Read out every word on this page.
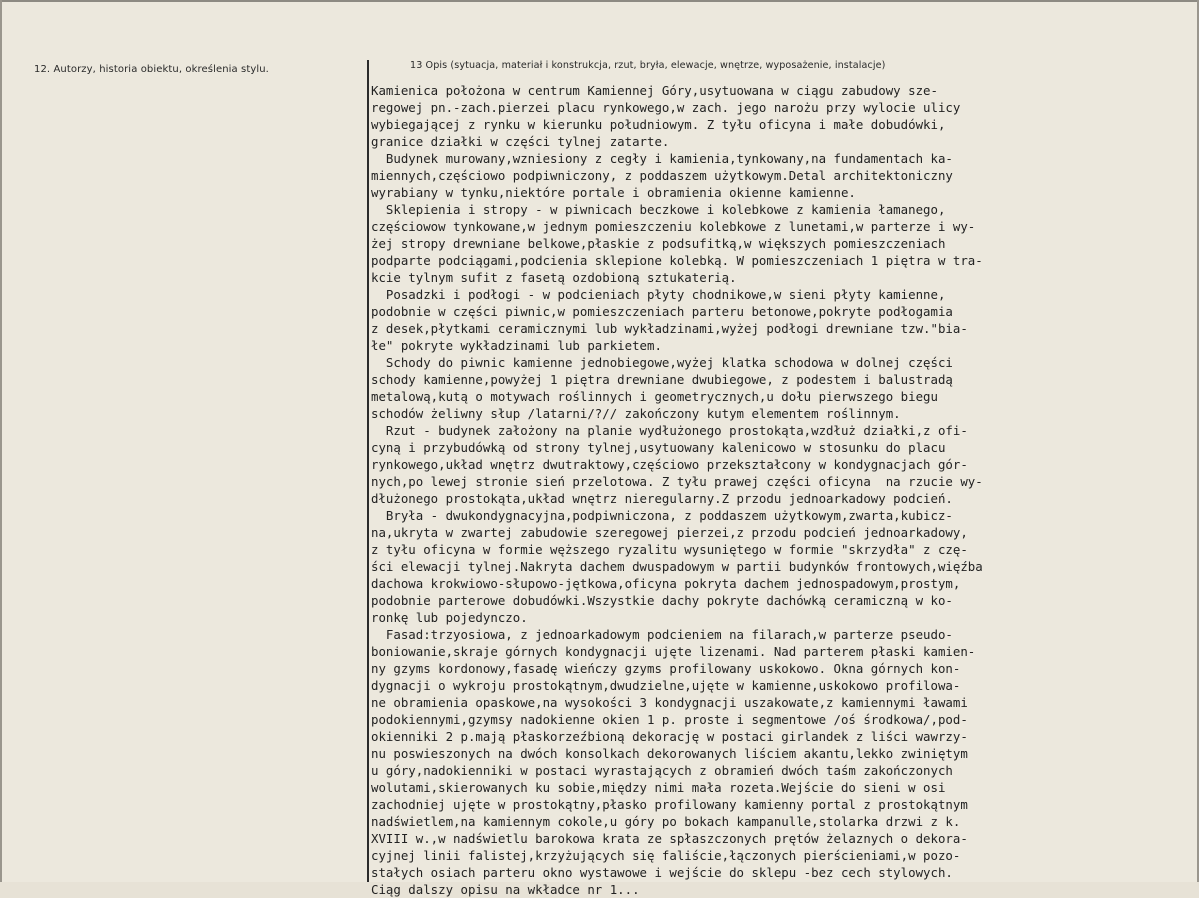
12. Autorzy, historia obiektu, określenia stylu.	13 Opis (sytuacja, materiał i konstrukcja, rzut, bryła, elewacje, wnętrze, wyposażenie, instalacje)
Kamienica położona w centrum Kamiennej Góry,usytuowana w ciągu zabudowy sze-
regowej pn.-zach.pierzei placu rynkowego,w zach. jego narożu przy wylocie ulicy
wybiegającej z rynku w kierunku południowym. Z tyłu oficyna i małe dobudówki,
granice działki w części tylnej zatarte.
Budynek murowany,wzniesiony z cegły i kamienia,tynkowany,na fundamentach ka-
miennych,częściowo podpiwniczony, z poddaszem użytkowym.Detal architektoniczny
wyrabiany w tynku,niektóre portale i obramienia okienne kamienne.
Sklepienia i stropy - w piwnicach beczkowe i kolebkowe z kamienia łamanego,
częściowow tynkowane,w jednym pomieszczeniu kolebkowe z lunetami,w parterze i wy-
żej stropy drewniane belkowe,płaskie z podsufitką,w większych pomieszczeniach
podparte podciągami,podcienia sklepione kolebką. W pomieszczeniach 1 piętra w tra-
kcie tylnym sufit z fasetą ozdobioną sztukaterią.
Posadzki i podłogi - w podcieniach płyty chodnikowe,w sieni płyty kamienne,
podobnie w części piwnic,w pomieszczeniach parteru betonowe,pokryte podłogamia
z desek,płytkami ceramicznymi lub wykładzinami,wyżej podłogi drewniane tzw."bia-
łe" pokryte wykładzinami lub parkietem.
Schody do piwnic kamienne jednobiegowe,wyżej klatka schodowa w dolnej części
schody kamienne,powyżej 1 piętra drewniane dwubiegowe, z podestem i balustradą
metalową,kutą o motywach roślinnych i geometrycznych,u dołu pierwszego biegu
schodów żeliwny słup /latarni/?// zakończony kutym elementem roślinnym.
Rzut - budynek założony na planie wydłużonego prostokąta,wzdłuż działki,z ofi-
cyną i przybudówką od strony tylnej,usytuowany kalenicowo w stosunku do placu
rynkowego,układ wnętrz dwutraktowy,częściowo przekształcony w kondygnacjach gór-
nych,po lewej stronie sień przelotowa. Z tyłu prawej części oficyna  na rzucie wy-
dłużonego prostokąta,układ wnętrz nieregularny.Z przodu jednoarkadowy podcień.
Bryła - dwukondygnacyjna,podpiwniczona, z poddaszem użytkowym,zwarta,kubicz-
na,ukryta w zwartej zabudowie szeregowej pierzei,z przodu podcień jednoarkadowy,
z tyłu oficyna w formie węższego ryzalitu wysuniętego w formie "skrzydła" z czę-
ści elewacji tylnej.Nakryta dachem dwuspadowym w partii budynków frontowych,więźba
dachowa krokwiowo-słupowo-jętkowa,oficyna pokryta dachem jednospadowym,prostym,
podobnie parterowe dobudówki.Wszystkie dachy pokryte dachówką ceramiczną w ko-
ronkę lub pojedynczo.
Fasad:trzyosiowa, z jednoarkadowym podcieniem na filarach,w parterze pseudo-
boniowanie,skraje górnych kondygnacji ujęte lizenami. Nad parterem płaski kamien-
ny gzyms kordonowy,fasadę wieńczy gzyms profilowany uskokowo. Okna górnych kon-
dygnacji o wykroju prostokątnym,dwudzielne,ujęte w kamienne,uskokowo profilowa-
ne obramienia opaskowe,na wysokości 3 kondygnacji uszakowate,z kamiennymi ławami
podokiennymi,gzymsy nadokienne okien 1 p. proste i segmentowe /oś środkowa/,pod-
okienniki 2 p.mają płaskorzeźbioną dekorację w postaci girlandek z liści wawrzy-
nu poswieszonych na dwóch konsolkach dekorowanych liściem akantu,lekko zwiniętym
u góry,nadokienniki w postaci wyrastających z obramień dwóch taśm zakończonych
wolutami,skierowanych ku sobie,między nimi mała rozeta.Wejście do sieni w osi
zachodniej ujęte w prostokątny,płasko profilowany kamienny portal z prostokątnym
nadświetlem,na kamiennym cokole,u góry po bokach kampanulle,stolarka drzwi z k.
XVIII w.,w nadświetlu barokowa krata ze spłaszczonych prętów żelaznych o dekora-
cyjnej linii falistej,krzyżujących się faliście,łączonych pierścieniami,w pozo-
stałych osiach parteru okno wystawowe i wejście do sklepu -bez cech stylowych.
Ciąg dalszy opisu na wkładce nr 1...
